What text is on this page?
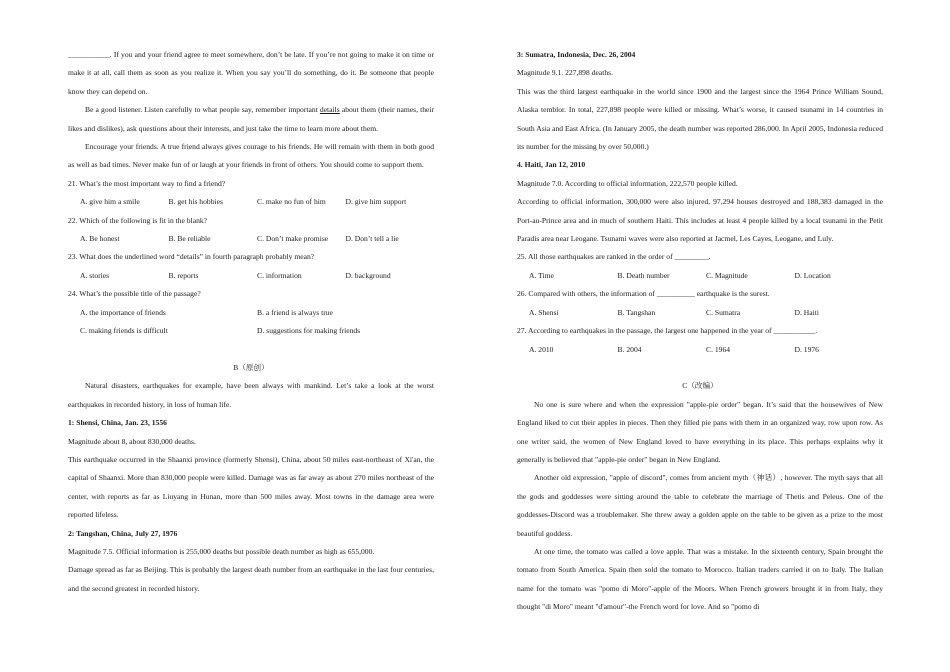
___________. If you and your friend agree to meet somewhere, don’t be late. If you’re not going to make it on time or make it at all, call them as soon as you realize it. When you say you’ll do something, do it. Be someone that people know they can depend on.

Be a good listener. Listen carefully to what people say, remember important details about them (their names, their likes and dislikes), ask questions about their interests, and just take the time to learn more about them.

Encourage your friends. A true friend always gives courage to his friends. He will remain with them in both good as well as bad times. Never make fun of or laugh at your friends in front of others. You should come to support them.

21. What’s the most important way to find a friend?

A. give him a smile	B. get his hobbies	C. make no fun of him	D. give him support

22. Which of the following is fit in the blank?

A. Be honest	B. Be reliable	C. Don’t make promise	D. Don’t tell a lie

23. What does the underlined word “details” in fourth paragraph probably mean?

A. stories	B. reports	C. information	D. background

24. What’s the possible title of the passage?

A. the importance of friends	B. a friend is always true
C. making friends is difficult	D. suggestions for making friends

B（原创）

Natural disasters, earthquakes for example, have been always with mankind. Let’s take a look at the worst earthquakes in recorded history, in loss of human life.

1: Shensi, China, Jan. 23, 1556

Magnitude about 8, about 830,000 deaths.

This earthquake occurred in the Shaanxi province (formerly Shensi), China, about 50 miles east-northeast of Xi'an, the capital of Shaanxi. More than 830,000 people were killed. Damage was as far away as about 270 miles northeast of the center, with reports as far as Liuyang in Hunan, more than 500 miles away. Most towns in the damage area were reported lifeless.

2: Tangshan, China, July 27, 1976

Magnitude 7.5. Official information is 255,000 deaths but possible death number as high as 655,000.

Damage spread as far as Beijing. This is probably the largest death number from an earthquake in the last four centuries, and the second greatest in recorded history.

3: Sumatra, Indonesia, Dec. 26, 2004

Magnitude 9.1. 227,898 deaths.

This was the third largest earthquake in the world since 1900 and the largest since the 1964 Prince William Sound, Alaska temblor. In total, 227,898 people were killed or missing. What’s worse, it caused tsunami in 14 countries in South Asia and East Africa. (In January 2005, the death number was reported 286,000. In April 2005, Indonesia reduced its number for the missing by over 50,000.)

4. Haiti, Jan 12, 2010

Magnitude 7.0. According to official information, 222,570 people killed.

According to official information, 300,000 were also injured, 97,294 houses destroyed and 188,383 damaged in the Port-au-Prince area and in much of southern Haiti. This includes at least 4 people killed by a local tsunami in the Petit Paradis area near Leogane. Tsunami waves were also reported at Jacmel, Les Cayes, Leogane, and Luly.

25. All those earthquakes are ranked in the order of _________.

A. Time	B. Death number	C. Magnitude	D. Location

26. Compared with others, the information of __________ earthquake is the surest.

A. Shensi	B. Tangshan	C. Sumatra	D. Haiti

27. According to earthquakes in the passage, the largest one happened in the year of ___________.

A. 2010	B. 2004	C. 1964	D. 1976

C（改编）

No one is sure where and when the expression "apple-pie order" began. It’s said that the housewives of New England liked to cut their apples in pieces. Then they filled pie pans with them in an organized way, row upon row. As one writer said, the women of New England loved to have everything in its place. This perhaps explains why it generally is believed that "apple-pie order" began in New England.

Another old expression, "apple of discord", comes from ancient myth（神话）, however. The myth says that all the gods and goddesses were sitting around the table to celebrate the marriage of Thetis and Peleus. One of the goddesses-Discord was a troublemaker. She threw away a golden apple on the table to be given as a prize to the most beautiful goddess.

At one time, the tomato was called a love apple. That was a mistake. In the sixteenth century, Spain brought the tomato from South America. Spain then sold the tomato to Morocco. Italian traders carried it on to Italy. The Italian name for the tomato was "pomo di Moro"-apple of the Moors. When French growers brought it in from Italy, they thought "di Moro" meant "d'amour"-the French word for love. And so "pomo di
